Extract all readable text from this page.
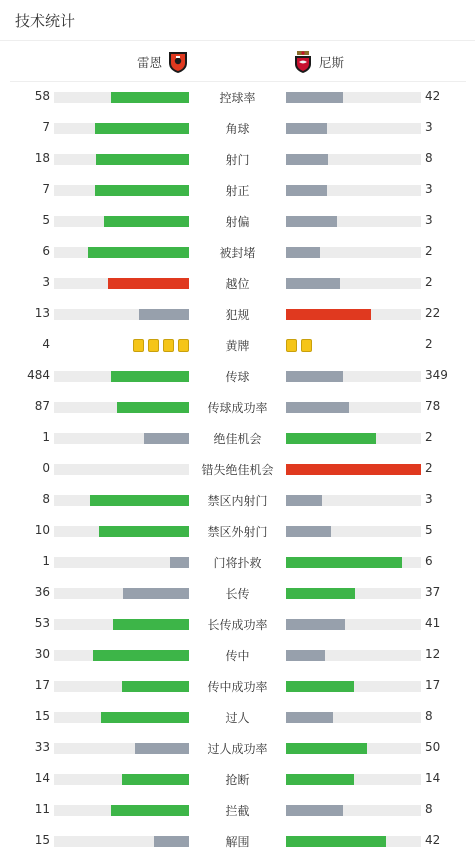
技术统计
雷恩	尼斯
58	控球率	42
7	角球	3
18	射门	8
7	射正	3
5	射偏	3
6	被封堵	2
3	越位	2
13	犯规	22
4	黄牌	2
484	传球	349
87	传球成功率	78
1	绝佳机会	2
0	错失绝佳机会	2
8	禁区内射门	3
10	禁区外射门	5
1	门将扑救	6
36	长传	37
53	长传成功率	41
30	传中	12
17	传中成功率	17
15	过人	8
33	过人成功率	50
14	抢断	14
11	拦截	8
15	解围	42
